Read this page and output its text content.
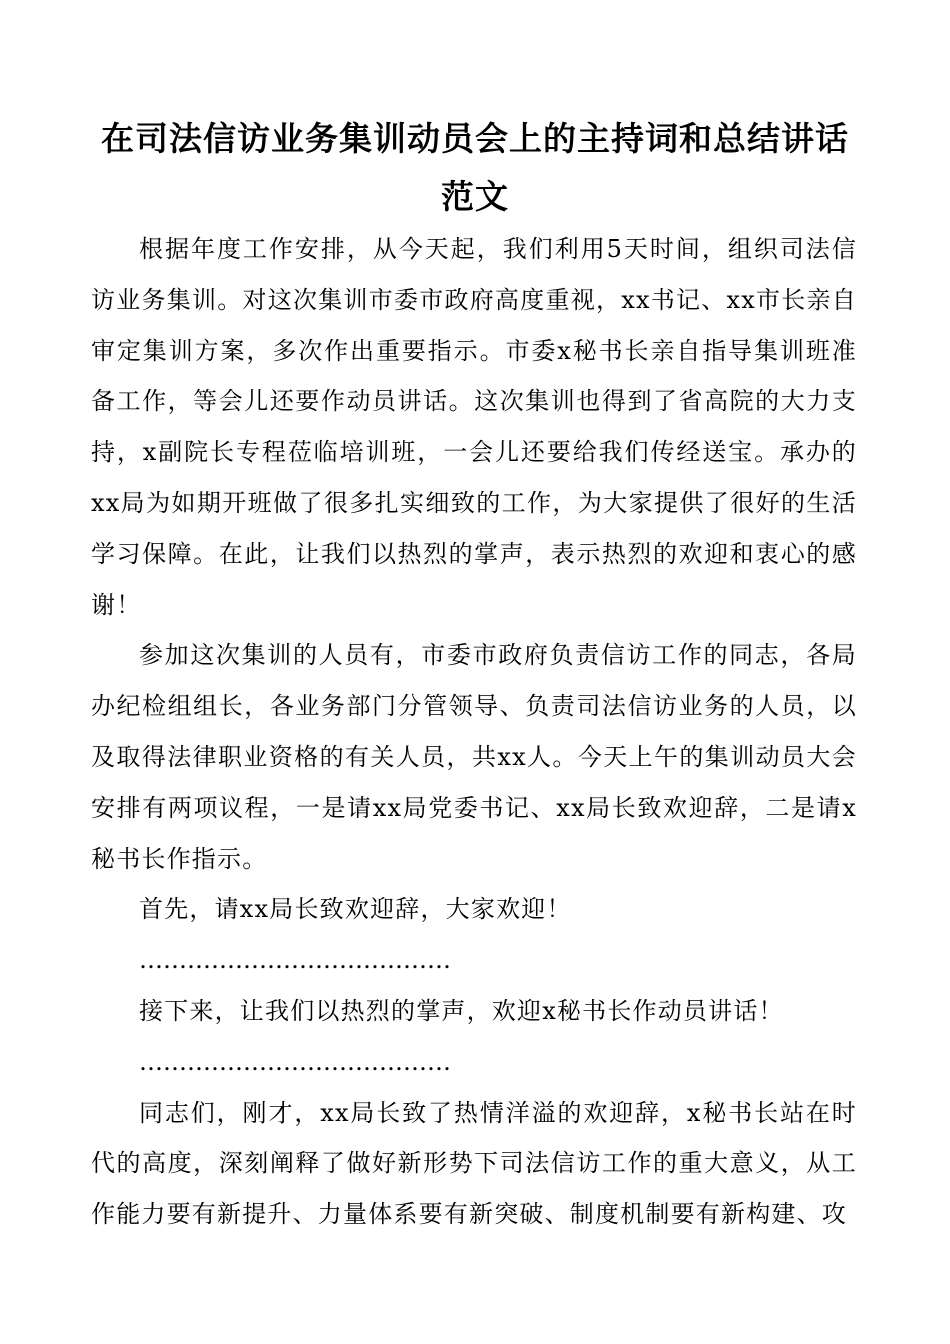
在司法信访业务集训动员会上的主持词和总结讲话范文

根据年度工作安排，从今天起，我们利用5天时间，组织司法信访业务集训。对这次集训市委市政府高度重视，xx书记、xx市长亲自审定集训方案，多次作出重要指示。市委x秘书长亲自指导集训班准备工作，等会儿还要作动员讲话。这次集训也得到了省高院的大力支持，x副院长专程莅临培训班，一会儿还要给我们传经送宝。承办的xx局为如期开班做了很多扎实细致的工作，为大家提供了很好的生活学习保障。在此，让我们以热烈的掌声，表示热烈的欢迎和衷心的感谢！

参加这次集训的人员有，市委市政府负责信访工作的同志，各局办纪检组组长，各业务部门分管领导、负责司法信访业务的人员，以及取得法律职业资格的有关人员，共xx人。今天上午的集训动员大会安排有两项议程，一是请xx局党委书记、xx局长致欢迎辞，二是请x秘书长作指示。

首先，请xx局长致欢迎辞，大家欢迎！

…………………………………

接下来，让我们以热烈的掌声，欢迎x秘书长作动员讲话！

…………………………………

同志们，刚才，xx局长致了热情洋溢的欢迎辞，x秘书长站在时代的高度，深刻阐释了做好新形势下司法信访工作的重大意义，从工作能力要有新提升、力量体系要有新突破、制度机制要有新构建、攻
